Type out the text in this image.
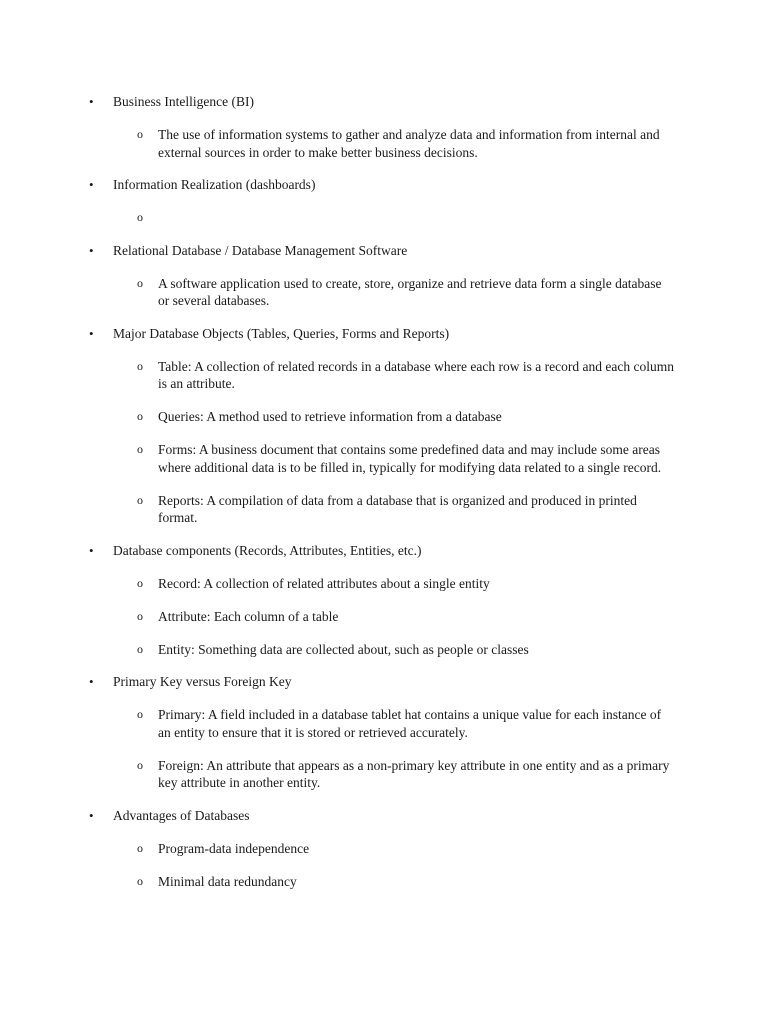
•	Business Intelligence (BI)
o The use of information systems to gather and analyze data and information from internal and external sources in order to make better business decisions.
•	Information Realization (dashboards)
o
•	Relational Database / Database Management Software
o A software application used to create, store, organize and retrieve data form a single database or several databases.
•	Major Database Objects (Tables, Queries, Forms and Reports)
o Table: A collection of related records in a database where each row is a record and each column is an attribute.
o Queries: A method used to retrieve information from a database
o Forms: A business document that contains some predefined data and may include some areas where additional data is to be filled in, typically for modifying data related to a single record.
o Reports: A compilation of data from a database that is organized and produced in printed format.
•	Database components (Records, Attributes, Entities, etc.)
o Record: A collection of related attributes about a single entity
o Attribute: Each column of a table
o Entity: Something data are collected about, such as people or classes
•	Primary Key versus Foreign Key
o Primary: A field included in a database tablet hat contains a unique value for each instance of an entity to ensure that it is stored or retrieved accurately.
o Foreign: An attribute that appears as a non-primary key attribute in one entity and as a primary key attribute in another entity.
•	Advantages of Databases
o Program-data independence
o Minimal data redundancy
